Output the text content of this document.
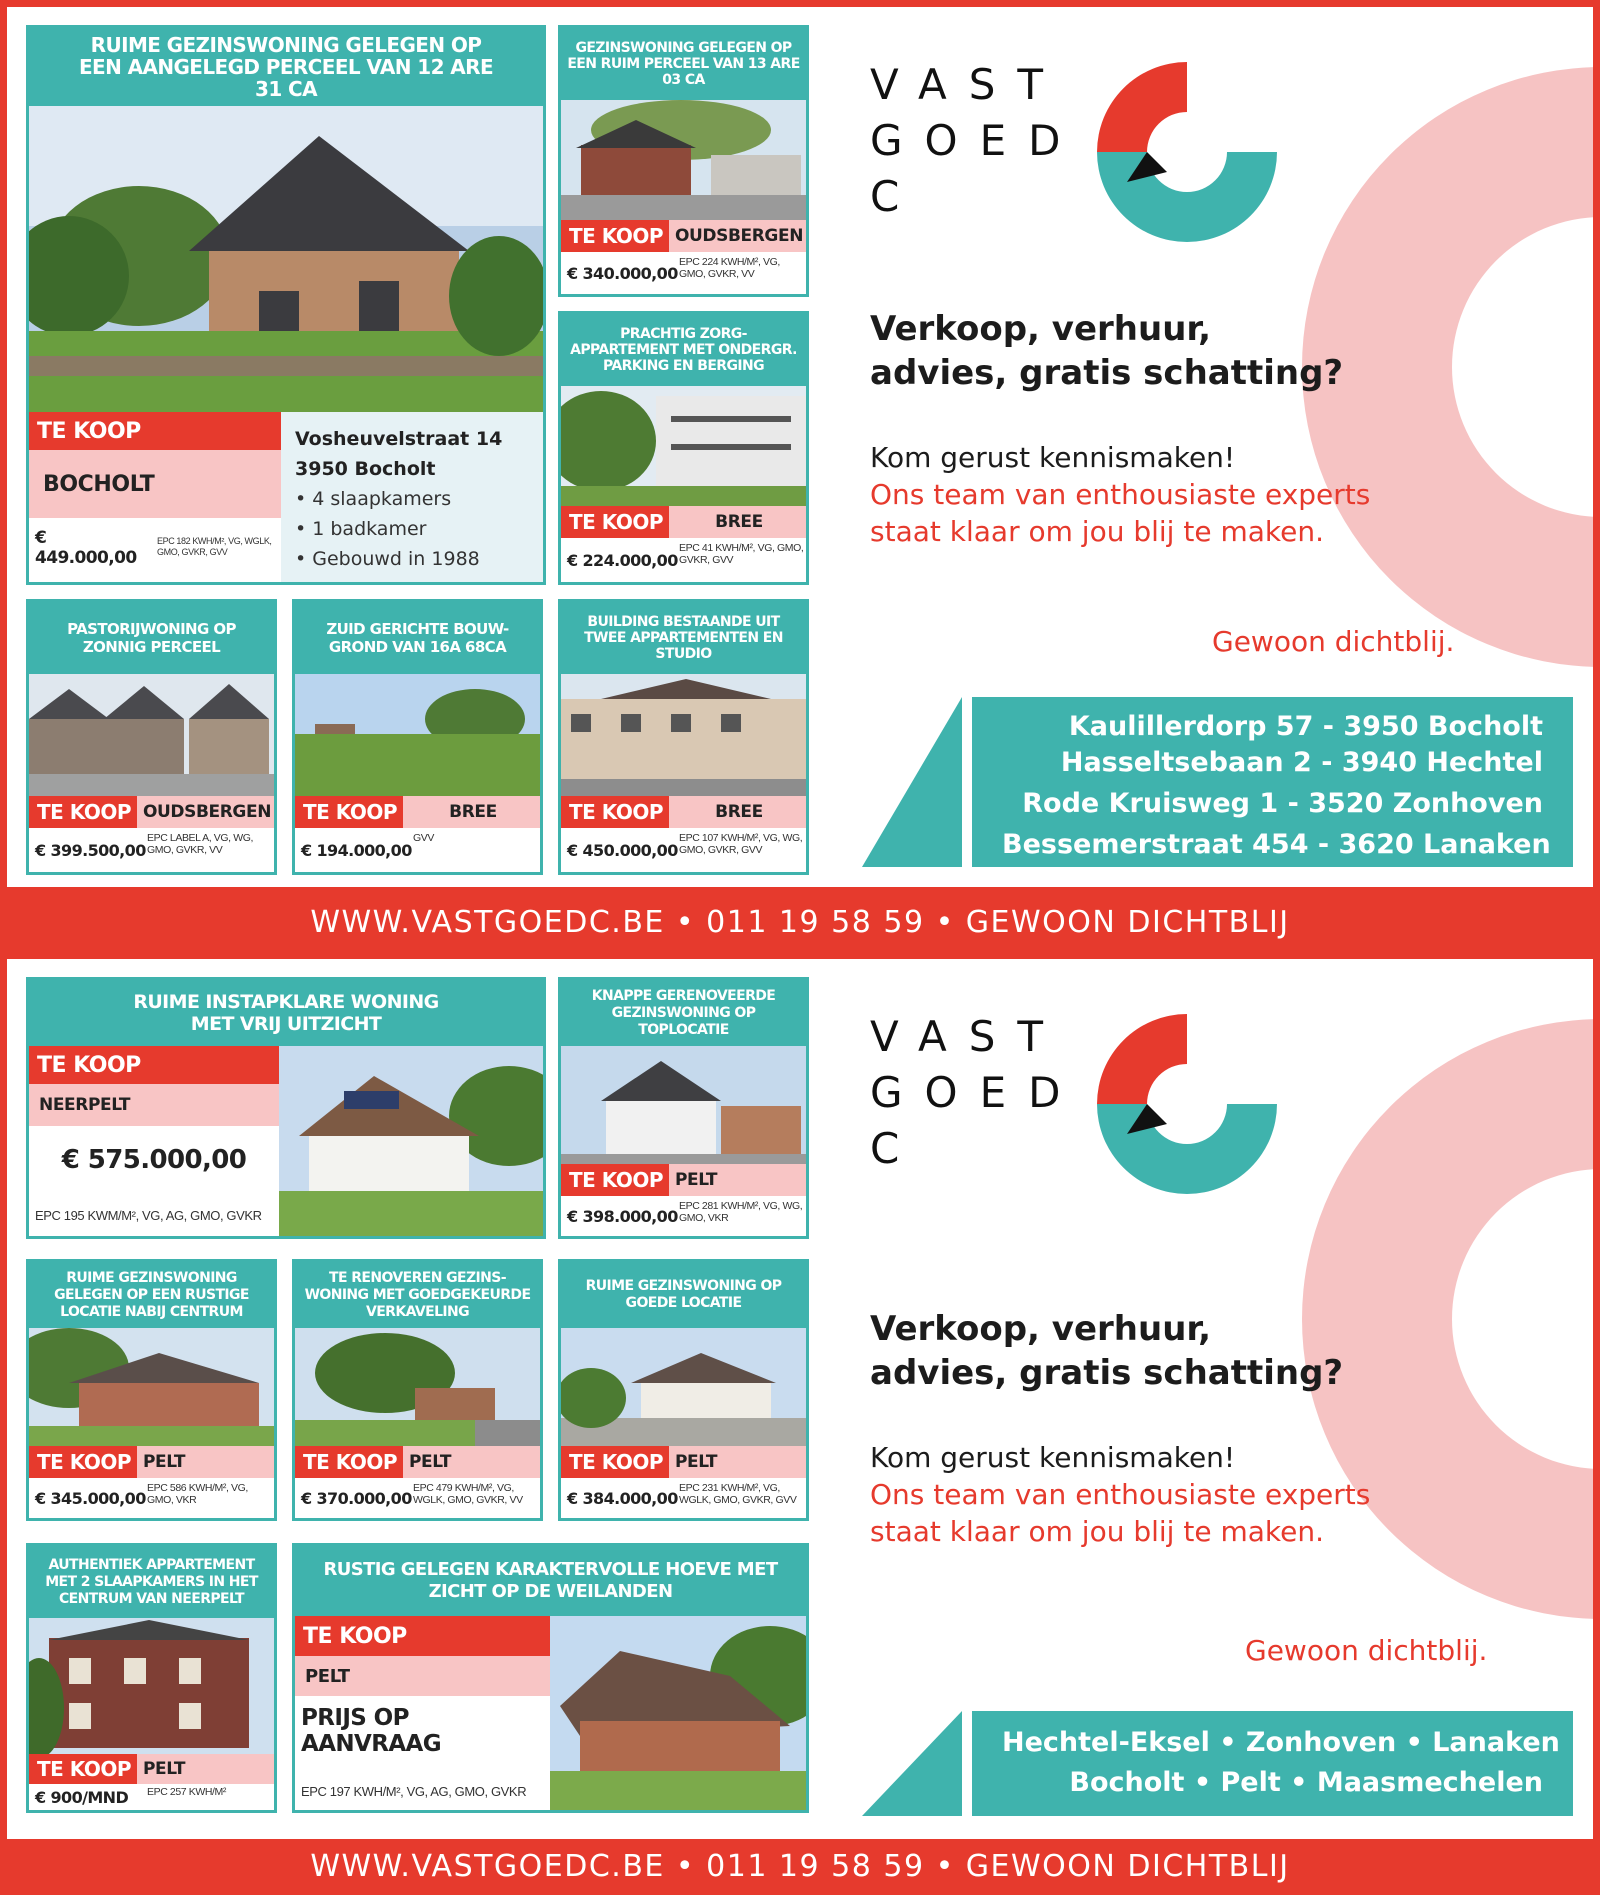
RUIME GEZINSWONING GELEGEN OP EEN AANGELEGD PERCEEL VAN 12 ARE 31 CA
TE KOOP
BOCHOLT
€ 449.000,00
EPC 182 KWH/M², VG, WGLK, GMO, GVKR, GVV
Vosheuvelstraat 14
3950 Bocholt
• 4 slaapkamers
• 1 badkamer
• Gebouwd in 1988
GEZINSWONING GELEGEN OP EEN RUIM PERCEEL VAN 13 ARE 03 CA
TE KOOP OUDSBERGEN
€ 340.000,00
EPC 224 KWH/M², VG, GMO, GVKR, VV
PRACHTIG ZORG-APPARTEMENT MET ONDERGR. PARKING EN BERGING
TE KOOP	BREE
€ 224.000,00
EPC 41 KWH/M², VG, GMO, GVKR, GVV
PASTORIJWONING OP ZONNIG PERCEEL
TE KOOP OUDSBERGEN
€ 399.500,00
EPC LABEL A, VG, WG, GMO, GVKR, VV
ZUID GERICHTE BOUW-GROND VAN 16A 68CA
TE KOOP	BREE
€ 194.000,00
GVV
BUILDING BESTAANDE UIT TWEE APPARTEMENTEN EN STUDIO
TE KOOP	BREE
€ 450.000,00
EPC 107 KWH/M², VG, WG, GMO, GVKR, GVV
VAST
GOED
C
Verkoop, verhuur,
advies, gratis schatting?
Kom gerust kennismaken!
Ons team van enthousiaste experts
staat klaar om jou blij te maken.
Gewoon dichtblij.
Kaulillerdorp 57 - 3950 Bocholt
Hasseltsebaan 2 - 3940 Hechtel
Rode Kruisweg 1 - 3520 Zonhoven
Bessemerstraat 454 - 3620 Lanaken
WWW.VASTGOEDC.BE • 011 19 58 59 • GEWOON DICHTBLIJ
RUIME INSTAPKLARE WONING MET VRIJ UITZICHT
TE KOOP
NEERPELT
€ 575.000,00
EPC 195 KWM/M², VG, AG, GMO, GVKR
KNAPPE GERENOVEERDE GEZINSWONING OP TOPLOCATIE
TE KOOP PELT
€ 398.000,00
EPC 281 KWH/M², VG, WG, GMO, VKR
RUIME GEZINSWONING GELEGEN OP EEN RUSTIGE LOCATIE NABIJ CENTRUM
TE KOOP PELT
€ 345.000,00
EPC 586 KWH/M², VG, GMO, VKR
TE RENOVEREN GEZINS-WONING MET GOEDGEKEURDE VERKAVELING
TE KOOP PELT
€ 370.000,00
EPC 479 KWH/M², VG, WGLK, GMO, GVKR, VV
RUIME GEZINSWONING OP GOEDE LOCATIE
TE KOOP PELT
€ 384.000,00
EPC 231 KWH/M², VG, WGLK, GMO, GVKR, GVV
AUTHENTIEK APPARTEMENT MET 2 SLAAPKAMERS IN HET CENTRUM VAN NEERPELT
TE KOOP PELT
€ 900/MND	EPC 257 KWH/M²
RUSTIG GELEGEN KARAKTERVOLLE HOEVE MET ZICHT OP DE WEILANDEN
TE KOOP
PELT
PRIJS OP AANVRAAG
EPC 197 KWH/M², VG, AG, GMO, GVKR
VAST
GOED
C
Verkoop, verhuur,
advies, gratis schatting?
Kom gerust kennismaken!
Ons team van enthousiaste experts
staat klaar om jou blij te maken.
Gewoon dichtblij.
Hechtel-Eksel • Zonhoven • Lanaken
Bocholt • Pelt • Maasmechelen
WWW.VASTGOEDC.BE • 011 19 58 59 • GEWOON DICHTBLIJ
